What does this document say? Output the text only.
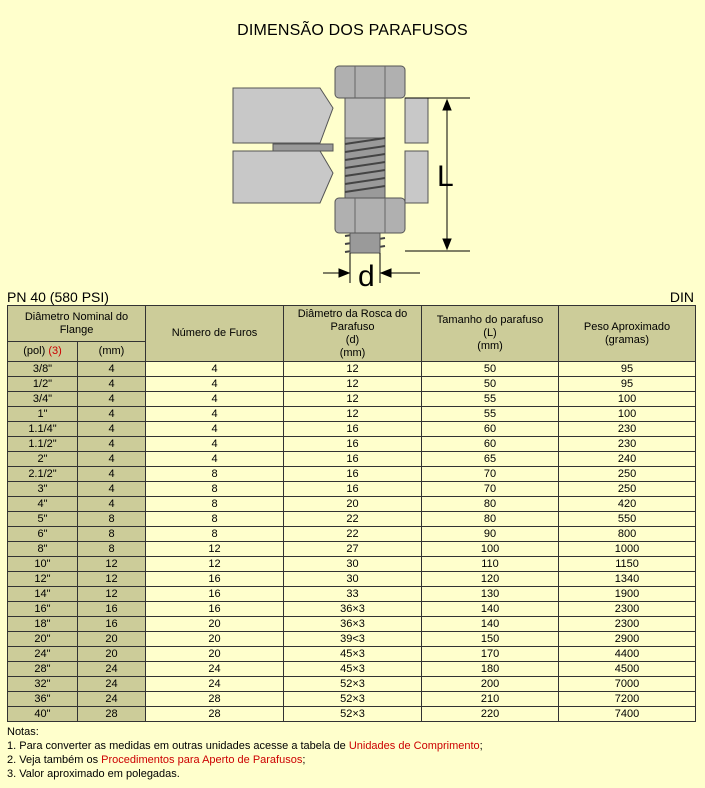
DIMENSÃO DOS PARAFUSOS
L
d
PN 40 (580 PSI)	DIN
Diâmetro Nominal do Flange		Número de Furos	Diâmetro da Rosca do Parafuso
(d)
(mm)	Tamanho do parafuso
(L)
(mm)	Peso Aproximado
(gramas)
(pol) (3)	(mm)				
3/8"	4	4	12	50	95
1/2"	4	4	12	50	95
3/4"	4	4	12	55	100
1"	4	4	12	55	100
1.1/4"	4	4	16	60	230
1.1/2"	4	4	16	60	230
2"	4	4	16	65	240
2.1/2"	4	8	16	70	250
3"	4	8	16	70	250
4"	4	8	20	80	420
5"	8	8	22	80	550
6"	8	8	22	90	800
8"	8	12	27	100	1000
10"	12	12	30	110	1150
12"	12	16	30	120	1340
14"	12	16	33	130	1900
16"	16	16	36×3	140	2300
18"	16	20	36×3	140	2300
20"	20	20	39<3	150	2900
24"	20	20	45×3	170	4400
28"	24	24	45×3	180	4500
32"	24	24	52×3	200	7000
36"	24	28	52×3	210	7200
40"	28	28	52×3	220	7400
Notas:
1. Para converter as medidas em outras unidades acesse a tabela de Unidades de Comprimento;
2. Veja também os Procedimentos para Aperto de Parafusos;
3. Valor aproximado em polegadas.
